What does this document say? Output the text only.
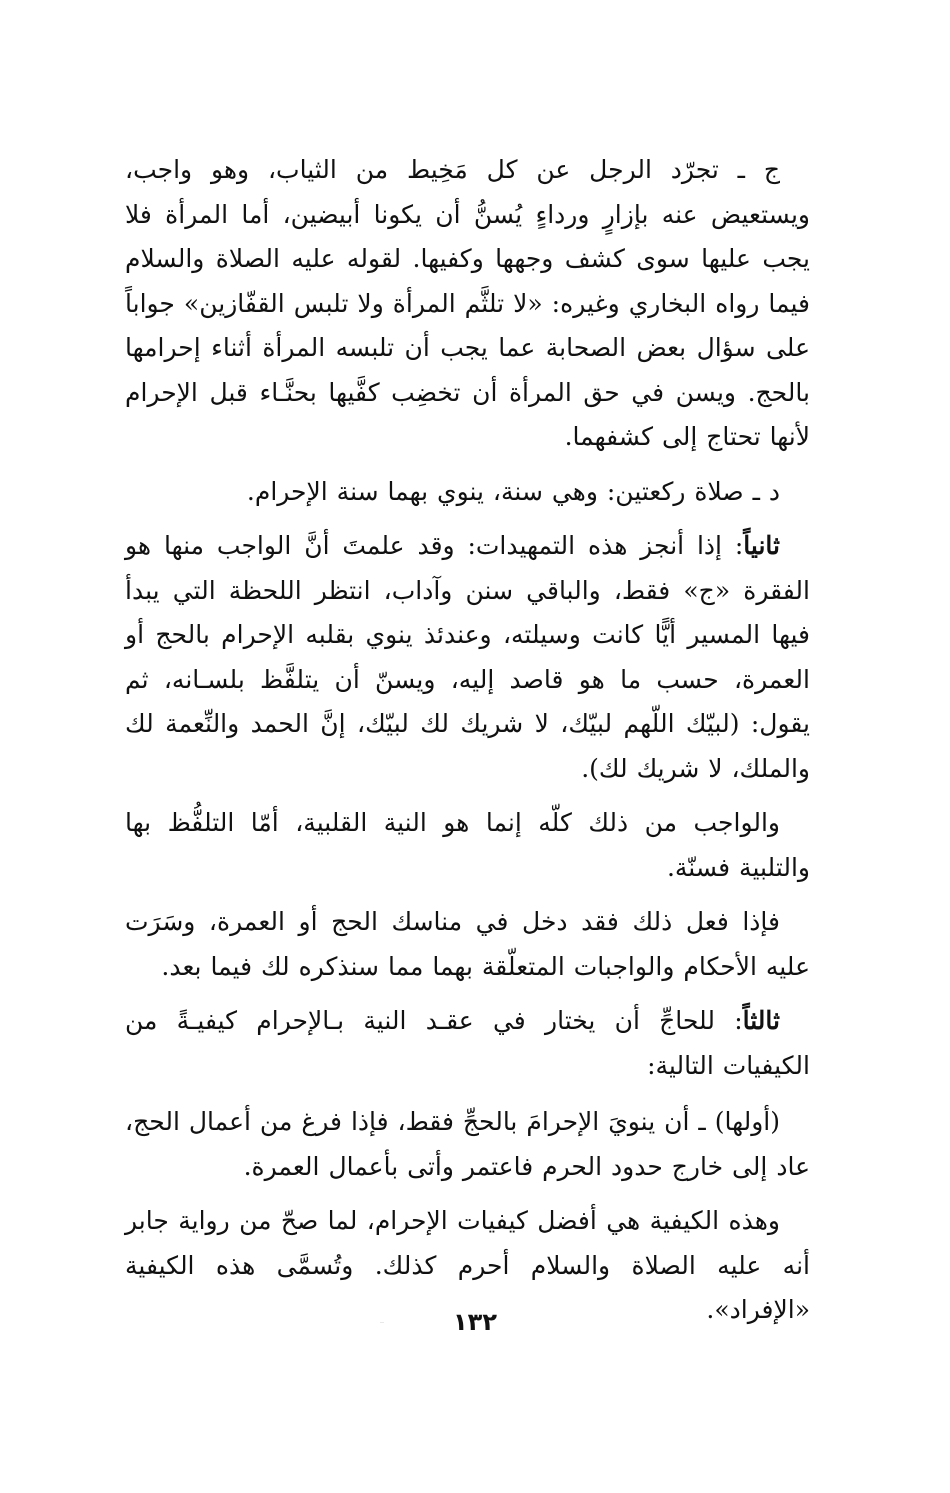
ج ـ تجرّد الرجل عن كل مَخِيط من الثياب، وهو واجب، ويستعيض عنه بإزارٍ ورداءٍ يُسنُّ أن يكونا أبيضين، أما المرأة فلا يجب عليها سوى كشف وجهها وكفيها. لقوله عليه الصلاة والسلام فيما رواه البخاري وغيره: «لا تلثَّم المرأة ولا تلبس القفّازين» جواباً على سؤال بعض الصحابة عما يجب أن تلبسه المرأة أثناء إحرامها بالحج. ويسن في حق المرأة أن تخضِب كفَّيها بحنَّـاء قبل الإحرام لأنها تحتاج إلى كشفهما.

د ـ صلاة ركعتين: وهي سنة، ينوي بهما سنة الإحرام.

ثانياً: إذا أنجز هذه التمهيدات: وقد علمتَ أنَّ الواجب منها هو الفقرة «ج» فقط، والباقي سنن وآداب، انتظر اللحظة التي يبدأ فيها المسير أيًّا كانت وسيلته، وعندئذ ينوي بقلبه الإحرام بالحج أو العمرة، حسب ما هو قاصد إليه، ويسنّ أن يتلفَّظ بلسـانه، ثم يقول: (لبيّك اللّهم لبيّك، لا شريك لك لبيّك، إنَّ الحمد والنِّعمة لك والملك، لا شريك لك).

والواجب من ذلك كلّه إنما هو النية القلبية، أمّا التلفُّظ بها والتلبية فسنّة.

فإذا فعل ذلك فقد دخل في مناسك الحج أو العمرة، وسَرَت عليه الأحكام والواجبات المتعلّقة بهما مما سنذكره لك فيما بعد.

ثالثاً: للحاجِّ أن يختار في عقـد النية بـالإحرام كيفيـةً من الكيفيات التالية:

(أولها) ـ أن ينويَ الإحرامَ بالحجِّ فقط، فإذا فرغ من أعمال الحج، عاد إلى خارج حدود الحرم فاعتمر وأتى بأعمال العمرة.

وهذه الكيفية هي أفضل كيفيات الإحرام، لما صحّ من رواية جابر أنه عليه الصلاة والسلام أحرم كذلك. وتُسمَّى هذه الكيفية «الإفراد».

١٣٢
